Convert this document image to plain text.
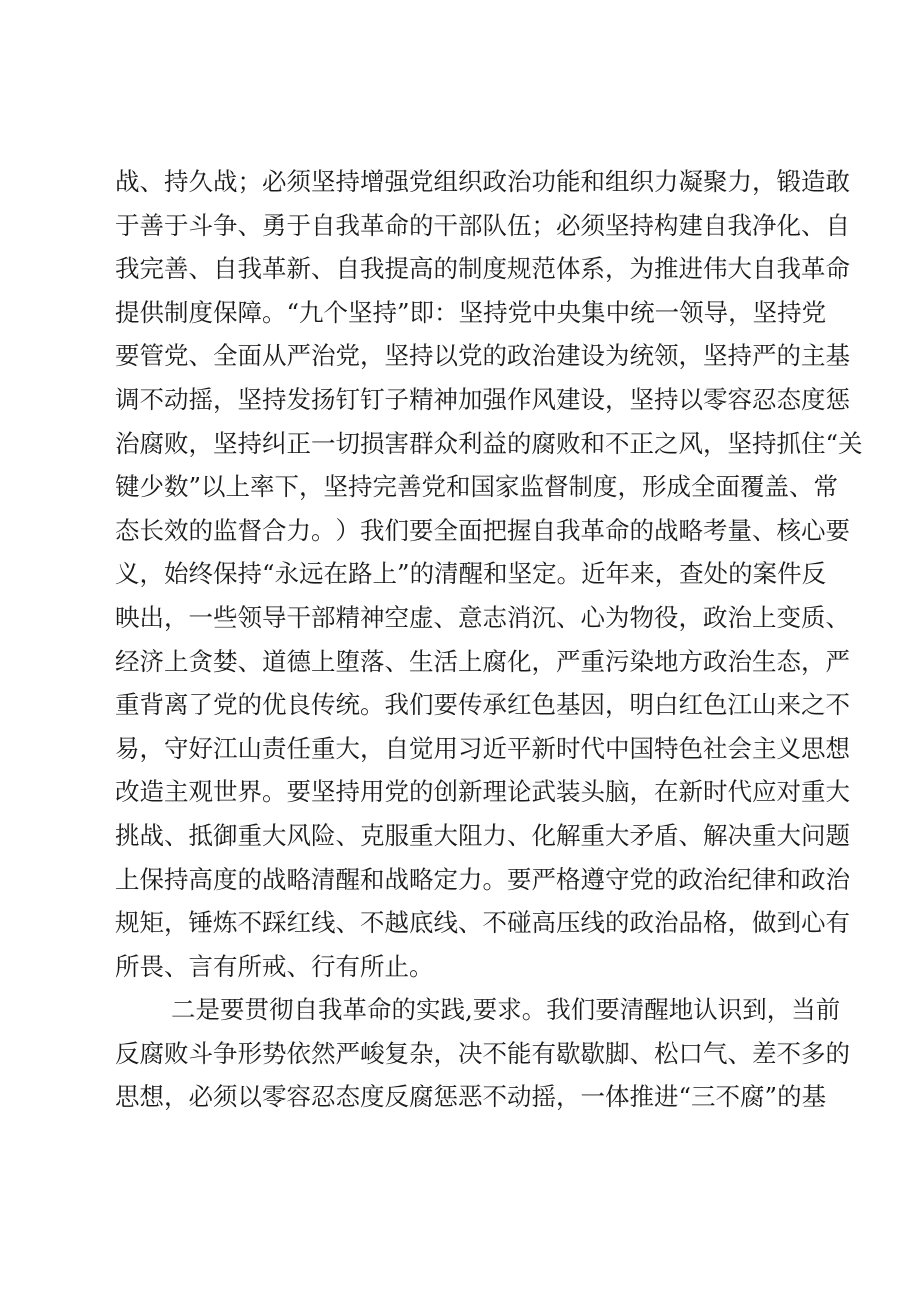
战 、 持 久 战 ； 必 须 坚 持 增 强 党 组 织 政 治 功 能 和 组 织 力 凝 聚 力 ， 锻 造 敢
于 善 于 斗 争 、 勇 于 自 我 革 命 的 干 部 队 伍 ； 必 须 坚 持 构 建 自 我 净 化 、 自
我 完 善 、 自 我 革 新 、 自 我 提 高 的 制 度 规 范 体 系 ， 为 推 进 伟 大 自 我 革 命
提 供 制 度 保 障 。 “ 九 个 坚 持 ” 即 ： 坚 持 党 中 央 集 中 统 一 领 导 ， 坚 持 党
要 管 党 、 全 面 从 严 治 党 ， 坚 持 以 党 的 政 治 建 设 为 统 领 ， 坚 持 严 的 主 基
调 不 动 摇 ， 坚 持 发 扬 钉 钉 子 精 神 加 强 作 风 建 设 ， 坚 持 以 零 容 忍 态 度 惩
治 腐 败 ， 坚 持 纠 正 一 切 损 害 群 众 利 益 的 腐 败 和 不 正 之 风 ， 坚 持 抓 住 “ 关
键 少 数 ” 以 上 率 下 ， 坚 持 完 善 党 和 国 家 监 督 制 度 ， 形 成 全 面 覆 盖 、 常
态 长 效 的 监 督 合 力 。 ） 我 们 要 全 面 把 握 自 我 革 命 的 战 略 考 量 、 核 心 要
义 ， 始 终 保 持 “ 永 远 在 路 上 ” 的 清 醒 和 坚 定 。 近 年 来 ， 查 处 的 案 件 反
映 出 ， 一 些 领 导 干 部 精 神 空 虚 、 意 志 消 沉 、 心 为 物 役 ， 政 治 上 变 质 、
经 济 上 贪 婪 、 道 德 上 堕 落 、 生 活 上 腐 化 ， 严 重 污 染 地 方 政 治 生 态 ， 严
重 背 离 了 党 的 优 良 传 统 。 我 们 要 传 承 红 色 基 因 ， 明 白 红 色 江 山 来 之 不
易 ， 守 好 江 山 责 任 重 大 ， 自 觉 用 习 近 平 新 时 代 中 国 特 色 社 会 主 义 思 想
改 造 主 观 世 界 。 要 坚 持 用 党 的 创 新 理 论 武 装 头 脑 ， 在 新 时 代 应 对 重 大
挑 战 、 抵 御 重 大 风 险 、 克 服 重 大 阻 力 、 化 解 重 大 矛 盾 、 解 决 重 大 问 题
上 保 持 高 度 的 战 略 清 醒 和 战 略 定 力 。 要 严 格 遵 守 党 的 政 治 纪 律 和 政 治
规 矩 ， 锤 炼 不 踩 红 线 、 不 越 底 线 、 不 碰 高 压 线 的 政 治 品 格 ， 做 到 心 有
所畏、言有所戒、行有所止。
二 是 要 贯 彻 自 我 革 命 的 实 践 , 要 求 。 我 们 要 清 醒 地 认 识 到 ， 当 前
反 腐 败 斗 争 形 势 依 然 严 峻 复 杂 ， 决 不 能 有 歇 歇 脚 、 松 口 气 、 差 不 多 的
思 想 ， 必 须 以 零 容 忍 态 度 反 腐 惩 恶 不 动 摇 ， 一 体 推 进 “ 三 不 腐 ” 的 基
